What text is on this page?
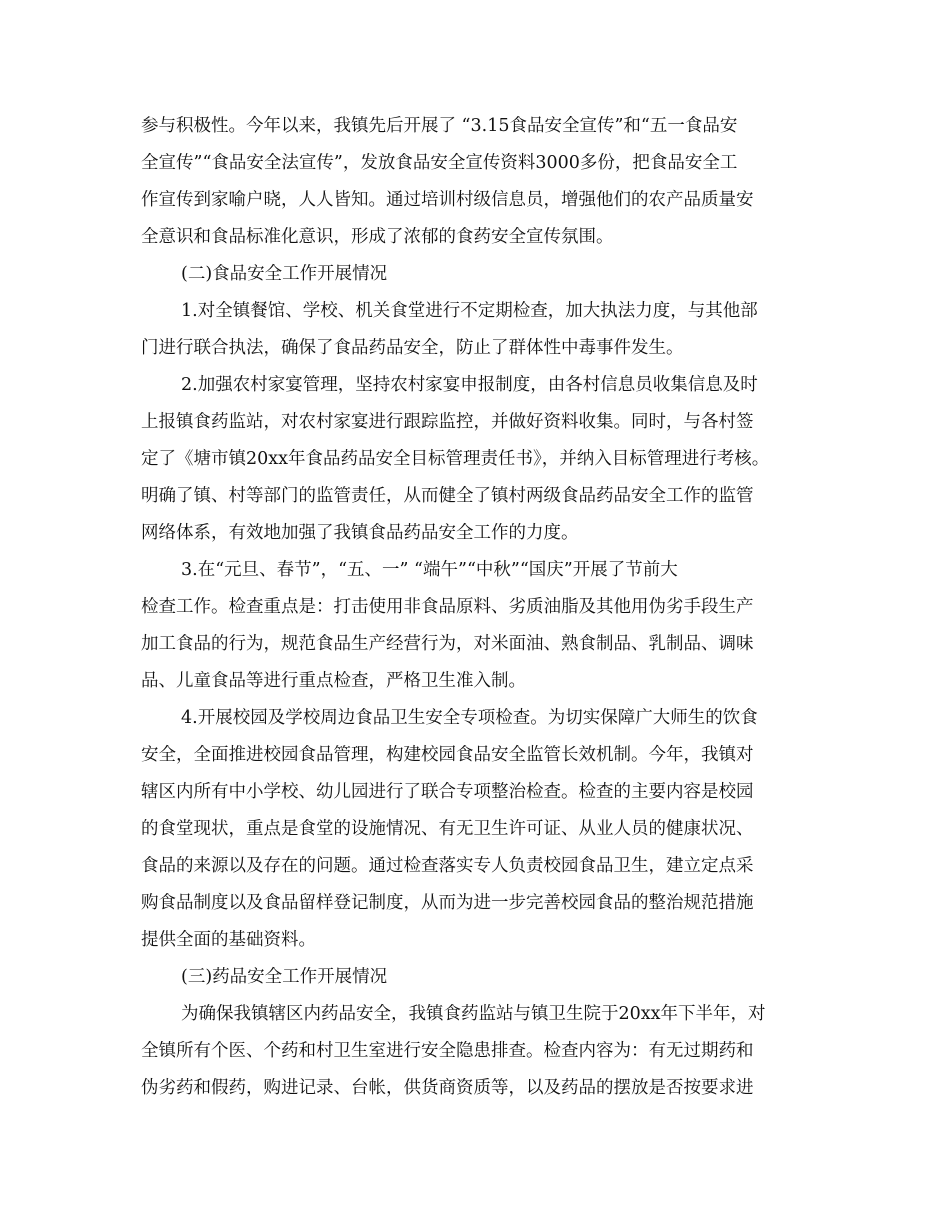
参与积极性。今年以来，我镇先后开展了 “3.15食品安全宣传”和“五一食品安

全宣传”“食品安全法宣传”，发放食品安全宣传资料3000多份，把食品安全工

作宣传到家喻户晓，人人皆知。通过培训村级信息员，增强他们的农产品质量安

全意识和食品标准化意识，形成了浓郁的食药安全宣传氛围。

(二)食品安全工作开展情况

1.对全镇餐馆、学校、机关食堂进行不定期检查，加大执法力度，与其他部

门进行联合执法，确保了食品药品安全，防止了群体性中毒事件发生。

2.加强农村家宴管理，坚持农村家宴申报制度，由各村信息员收集信息及时

上报镇食药监站，对农村家宴进行跟踪监控，并做好资料收集。同时，与各村签

定了《塘市镇20xx年食品药品安全目标管理责任书》，并纳入目标管理进行考核。

明确了镇、村等部门的监管责任，从而健全了镇村两级食品药品安全工作的监管

网络体系，有效地加强了我镇食品药品安全工作的力度。

3.在“元旦、春节”，“五、一” “端午”“中秋”“国庆”开展了节前大

检查工作。检查重点是：打击使用非食品原料、劣质油脂及其他用伪劣手段生产

加工食品的行为，规范食品生产经营行为，对米面油、熟食制品、乳制品、调味

品、儿童食品等进行重点检查，严格卫生准入制。

4.开展校园及学校周边食品卫生安全专项检查。为切实保障广大师生的饮食

安全，全面推进校园食品管理，构建校园食品安全监管长效机制。今年，我镇对

辖区内所有中小学校、幼儿园进行了联合专项整治检查。检查的主要内容是校园

的食堂现状，重点是食堂的设施情况、有无卫生许可证、从业人员的健康状况、

食品的来源以及存在的问题。通过检查落实专人负责校园食品卫生，建立定点采

购食品制度以及食品留样登记制度，从而为进一步完善校园食品的整治规范措施

提供全面的基础资料。

(三)药品安全工作开展情况

为确保我镇辖区内药品安全，我镇食药监站与镇卫生院于20xx年下半年，对

全镇所有个医、个药和村卫生室进行安全隐患排查。检查内容为：有无过期药和

伪劣药和假药，购进记录、台帐，供货商资质等，以及药品的摆放是否按要求进
